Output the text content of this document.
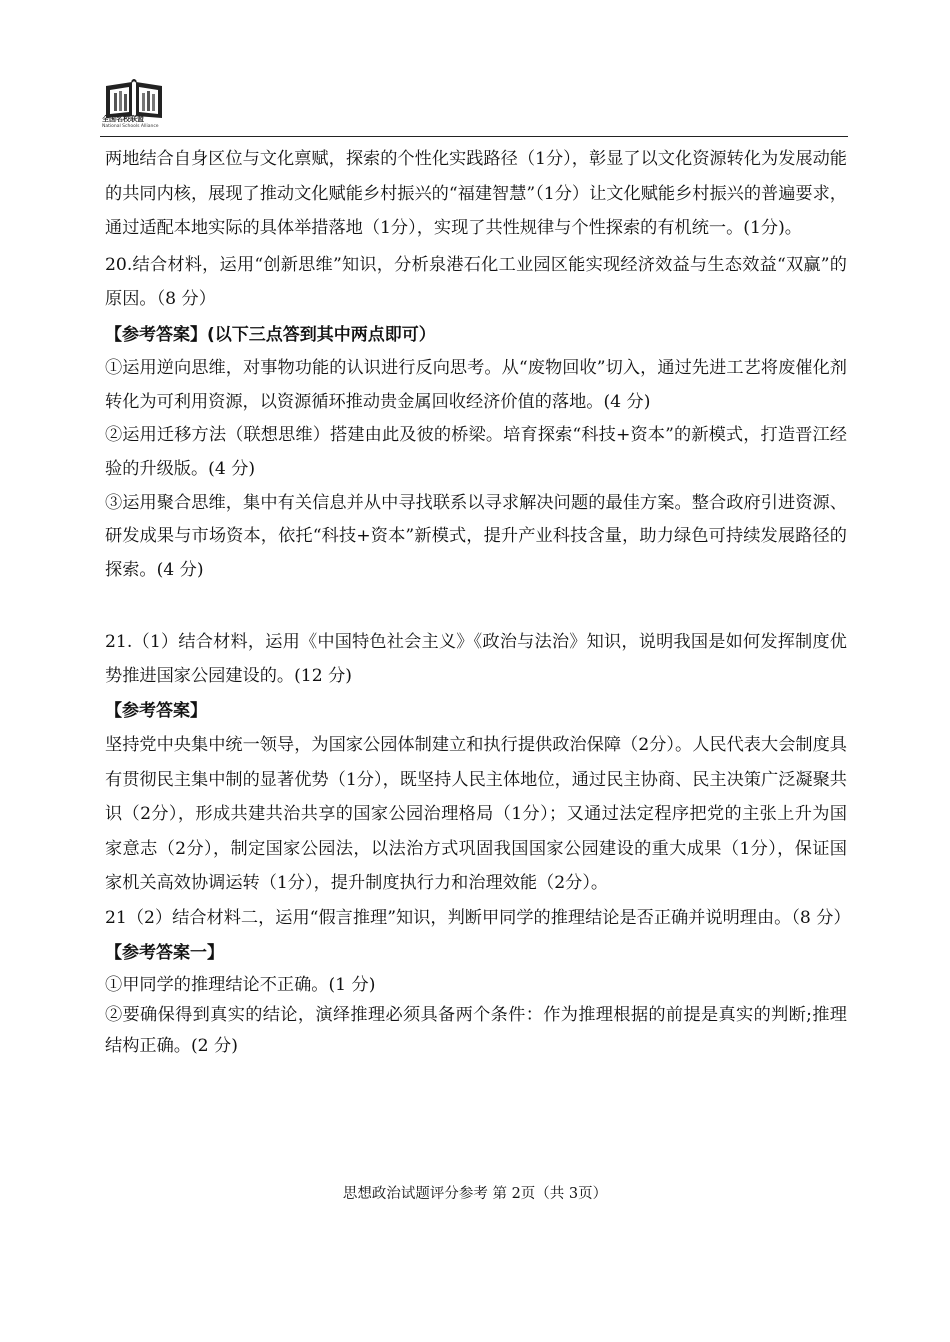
全国名校联盟
National Schools Alliance

两地结合自身区位与文化禀赋，探索的个性化实践路径（1分），彰显了以文化资源转化为发展动能的共同内核，展现了推动文化赋能乡村振兴的“福建智慧”（1分）让文化赋能乡村振兴的普遍要求，通过适配本地实际的具体举措落地（1分），实现了共性规律与个性探索的有机统一。(1分)。

20.结合材料，运用“创新思维”知识，分析泉港石化工业园区能实现经济效益与生态效益“双赢”的原因。（8 分）

【参考答案】(以下三点答到其中两点即可）

①运用逆向思维，对事物功能的认识进行反向思考。从“废物回收”切入，通过先进工艺将废催化剂转化为可利用资源，以资源循环推动贵金属回收经济价值的落地。(4 分)

②运用迁移方法（联想思维）搭建由此及彼的桥梁。培育探索“科技+资本”的新模式，打造晋江经验的升级版。(4 分)

③运用聚合思维，集中有关信息并从中寻找联系以寻求解决问题的最佳方案。整合政府引进资源、研发成果与市场资本，依托“科技+资本”新模式，提升产业科技含量，助力绿色可持续发展路径的探索。(4 分)

21.（1）结合材料，运用《中国特色社会主义》《政治与法治》知识，说明我国是如何发挥制度优势推进国家公园建设的。(12 分)

【参考答案】

坚持党中央集中统一领导，为国家公园体制建立和执行提供政治保障（2分）。人民代表大会制度具有贯彻民主集中制的显著优势（1分），既坚持人民主体地位，通过民主协商、民主决策广泛凝聚共识（2分），形成共建共治共享的国家公园治理格局（1分）；又通过法定程序把党的主张上升为国家意志（2分），制定国家公园法，以法治方式巩固我国国家公园建设的重大成果（1分），保证国家机关高效协调运转（1分），提升制度执行力和治理效能（2分）。

21（2）结合材料二，运用“假言推理”知识，判断甲同学的推理结论是否正确并说明理由。（8 分）

【参考答案一】

①甲同学的推理结论不正确。(1 分)

②要确保得到真实的结论，演绎推理必须具备两个条件：作为推理根据的前提是真实的判断;推理结构正确。(2 分)

思想政治试题评分参考 第 2页（共 3页）
